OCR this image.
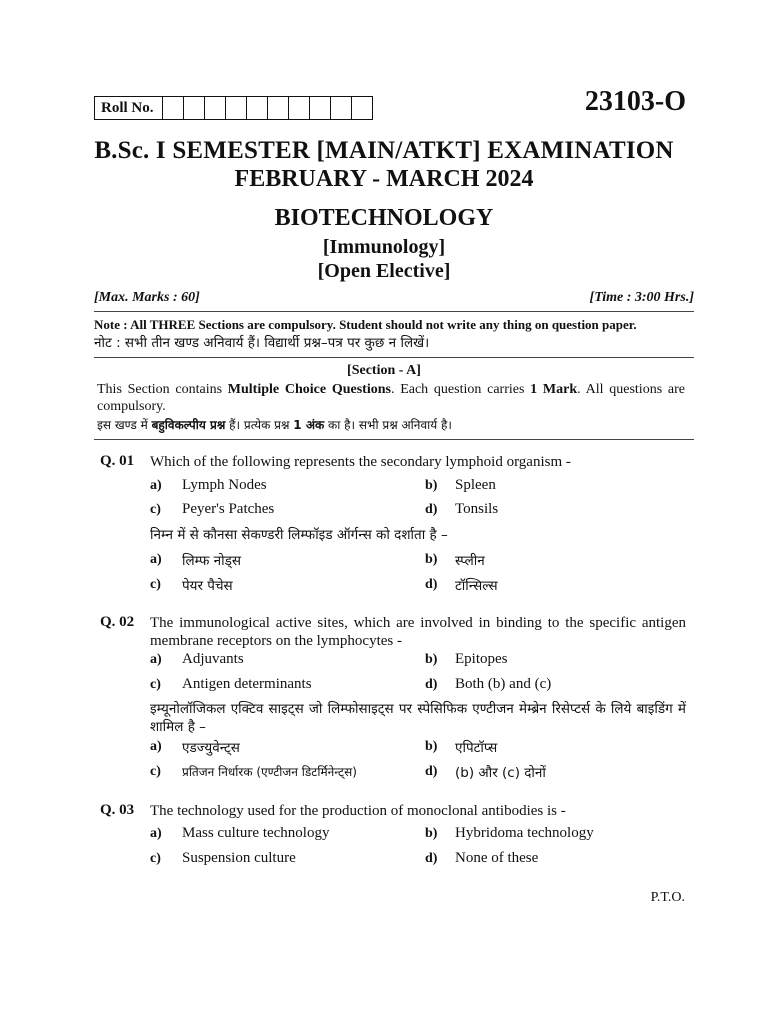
Roll No.	23103-O
B.Sc. I SEMESTER [MAIN/ATKT] EXAMINATION
FEBRUARY - MARCH 2024
BIOTECHNOLOGY
[Immunology]
[Open Elective]
[Max. Marks : 60]	[Time : 3:00 Hrs.]
Note : All THREE Sections are compulsory. Student should not write any thing on question paper.
नोट : सभी तीन खण्ड अनिवार्य हैं। विद्यार्थी प्रश्न–पत्र पर कुछ न लिखें।
[Section - A]
This Section contains Multiple Choice Questions. Each question carries 1 Mark. All questions are compulsory.
इस खण्ड में बहुविकल्पीय प्रश्न हैं। प्रत्येक प्रश्न 1 अंक का है। सभी प्रश्न अनिवार्य है।
Q. 01 Which of the following represents the secondary lymphoid organism -
a) Lymph Nodes	b) Spleen
c) Peyer's Patches	d) Tonsils
निम्न में से कौनसा सेकण्डरी लिम्फॉइड ऑर्गन्स को दर्शाता है –
a) लिम्फ नोड्स	b) स्प्लीन
c) पेयर पैचेस	d) टॉन्सिल्स
Q. 02 The immunological active sites, which are involved in binding to the specific antigen membrane receptors on the lymphocytes -
a) Adjuvants	b) Epitopes
c) Antigen determinants	d) Both (b) and (c)
इम्यूनोलॉजिकल एक्टिव साइट्स जो लिम्फोसाइट्स पर स्पेसिफिक एण्टीजन मेम्ब्रेन रिसेप्टर्स के लिये बाइडिंग में शामिल है –
a) एडज्युवेन्ट्स	b) एपिटॉप्स
c) प्रतिजन निर्धारक (एण्टीजन डिटर्मिनेन्ट्स)	d) (b) और (c) दोनों
Q. 03 The technology used for the production of monoclonal antibodies is -
a) Mass culture technology	b) Hybridoma technology
c) Suspension culture	d) None of these
P.T.O.
